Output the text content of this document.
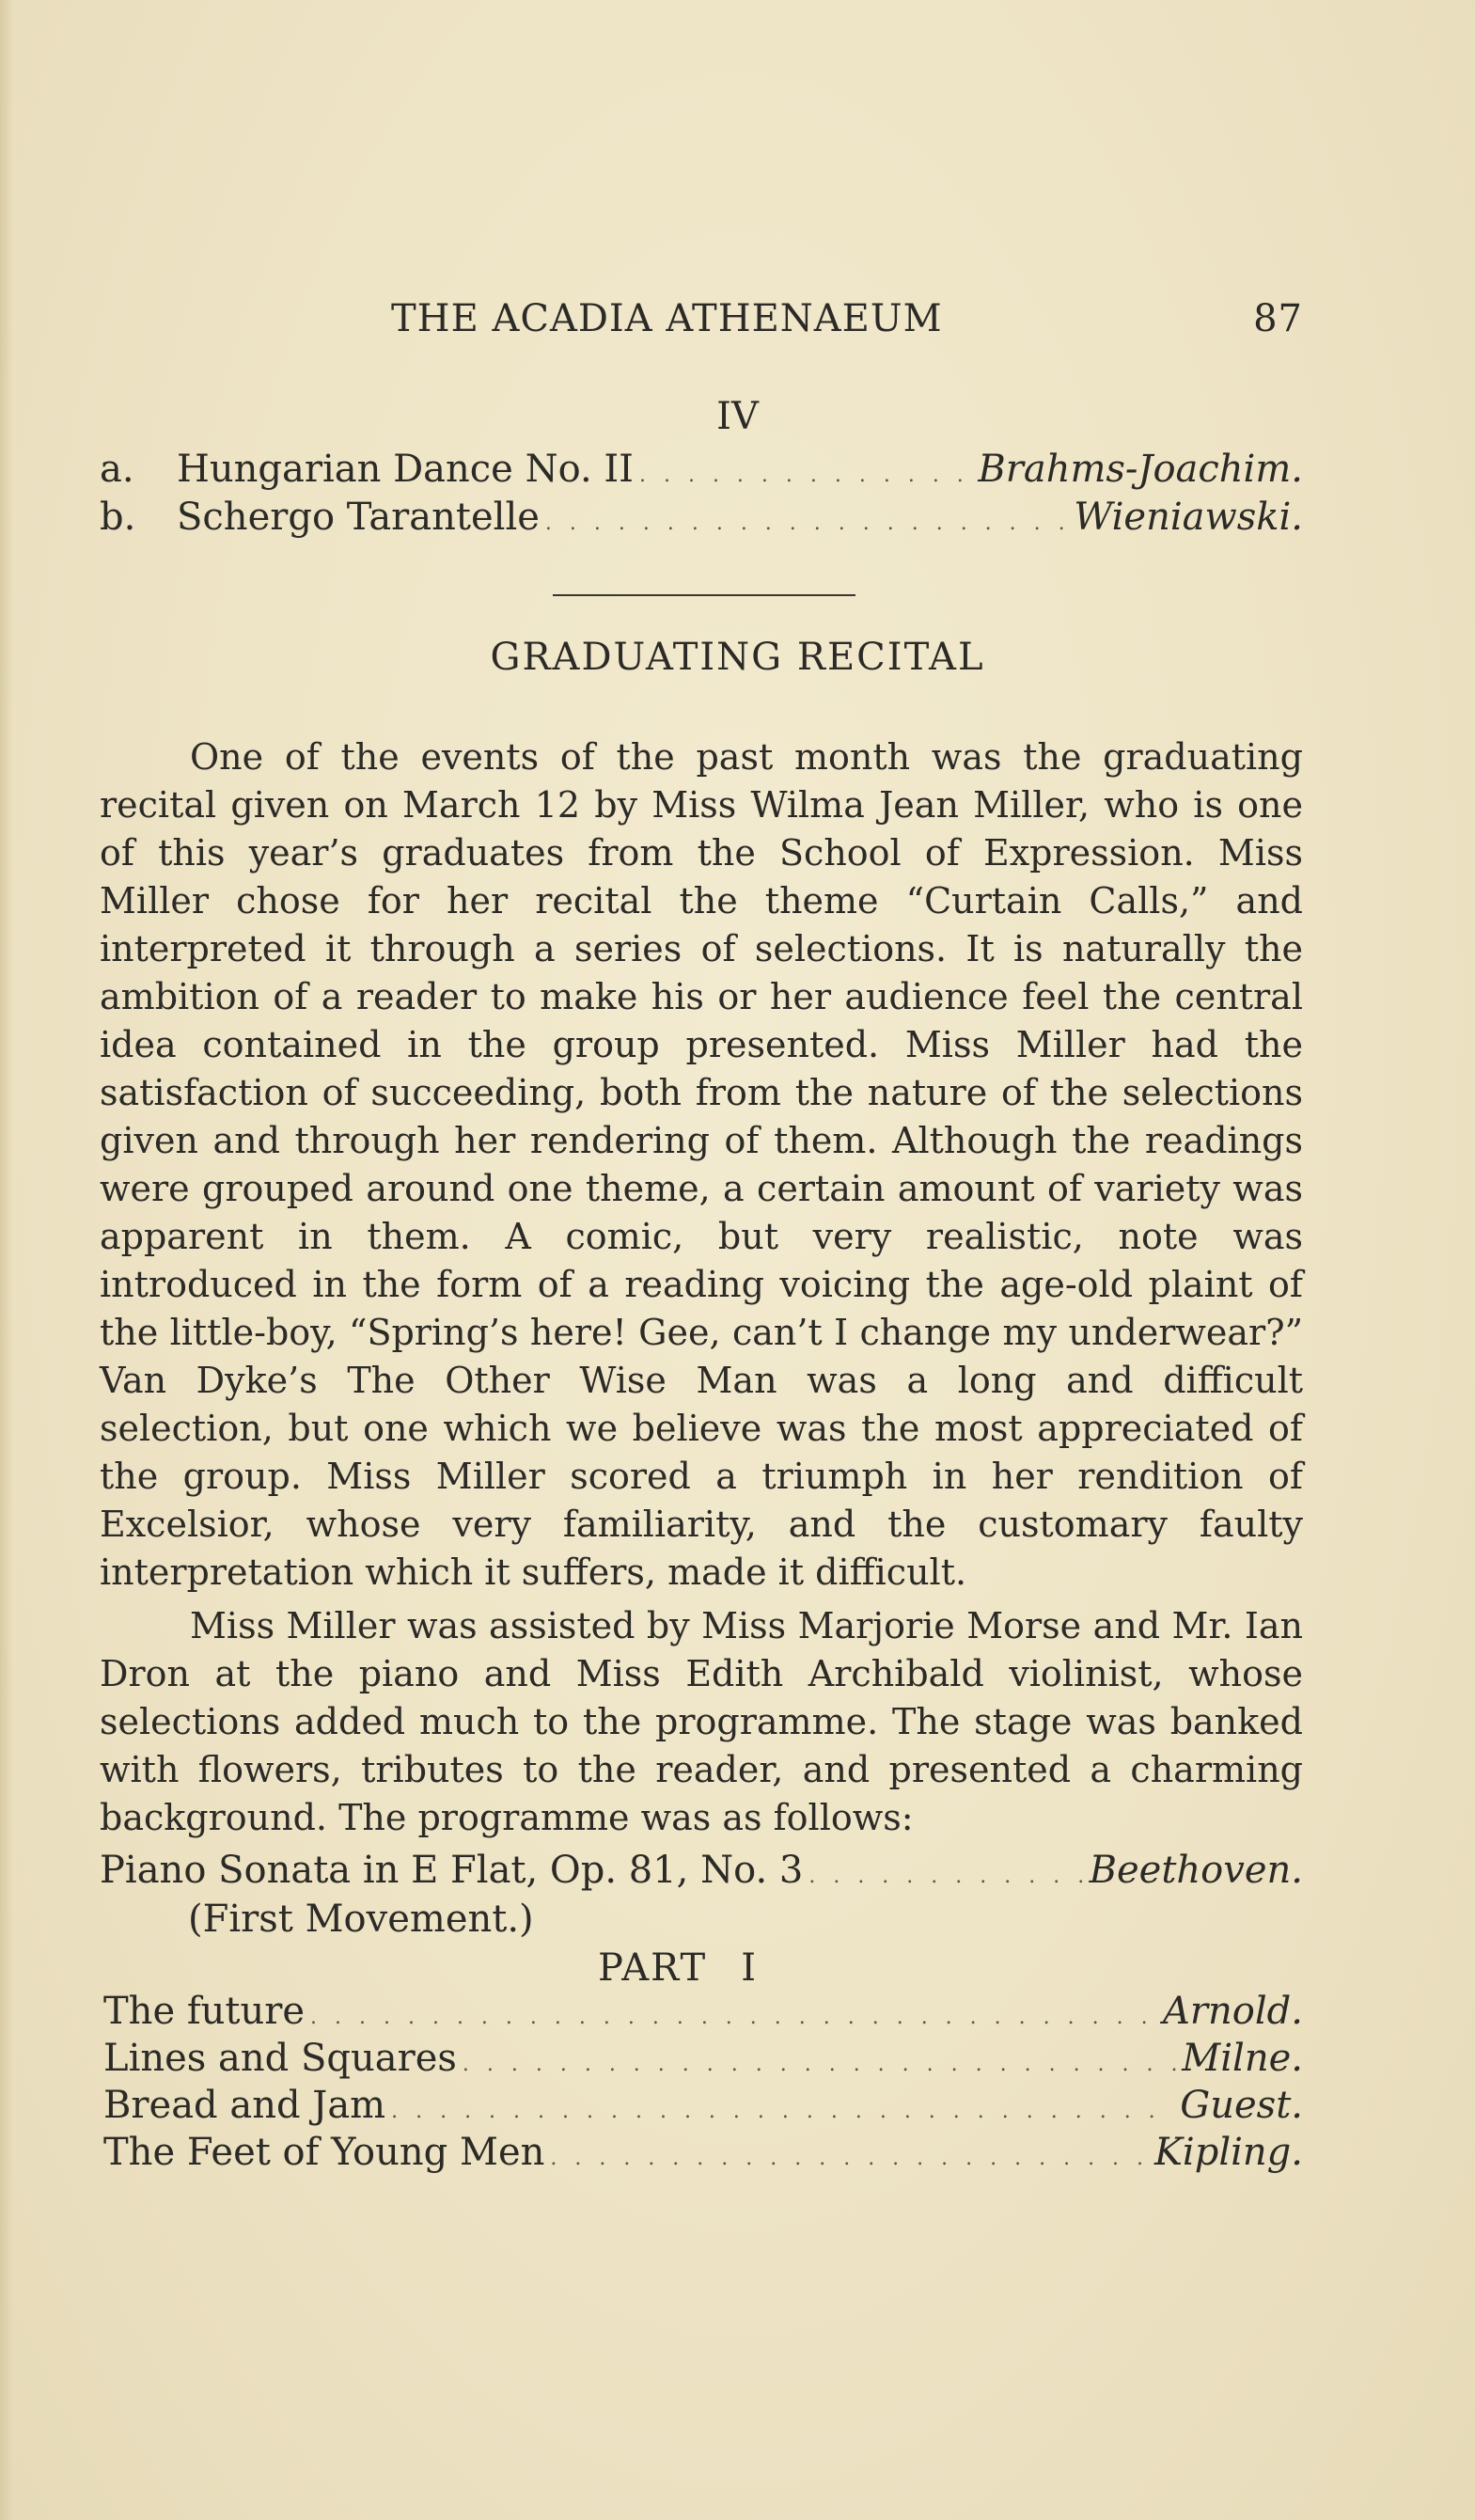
THE ACADIA ATHENAEUM	87
IV
a.	Hungarian Dance No. II . . .	Brahms-Joachim.
b.	Schergo Tarantelle . . .	Wieniawski.
GRADUATING RECITAL

One of the events of the past month was the graduating recital given on March 12 by Miss Wilma Jean Miller, who is one of this year’s graduates from the School of Expression. Miss Miller chose for her recital the theme “Curtain Calls,” and interpreted it through a series of selections. It is naturally the ambition of a reader to make his or her audience feel the central idea contained in the group presented. Miss Miller had the satisfaction of succeeding, both from the nature of the selections given and through her rendering of them. Although the readings were grouped around one theme, a certain amount of variety was apparent in them. A comic, but very realistic, note was introduced in the form of a reading voicing the age-old plaint of the little-boy, “Spring’s here! Gee, can’t I change my underwear?” Van Dyke’s The Other Wise Man was a long and difficult selection, but one which we believe was the most appreciated of the group. Miss Miller scored a triumph in her rendition of Excelsior, whose very familiarity, and the customary faulty interpretation which it suffers, made it difficult.

Miss Miller was assisted by Miss Marjorie Morse and Mr. Ian Dron at the piano and Miss Edith Archibald violinist, whose selections added much to the programme. The stage was banked with flowers, tributes to the reader, and presented a charming background. The programme was as follows:

Piano Sonata in E Flat, Op. 81, No. 3 . . .	Beethoven.
(First Movement.)
PART I
The future . . .	Arnold.
Lines and Squares . . .	Milne.
Bread and Jam . . .	Guest.
The Feet of Young Men . . .	Kipling.
